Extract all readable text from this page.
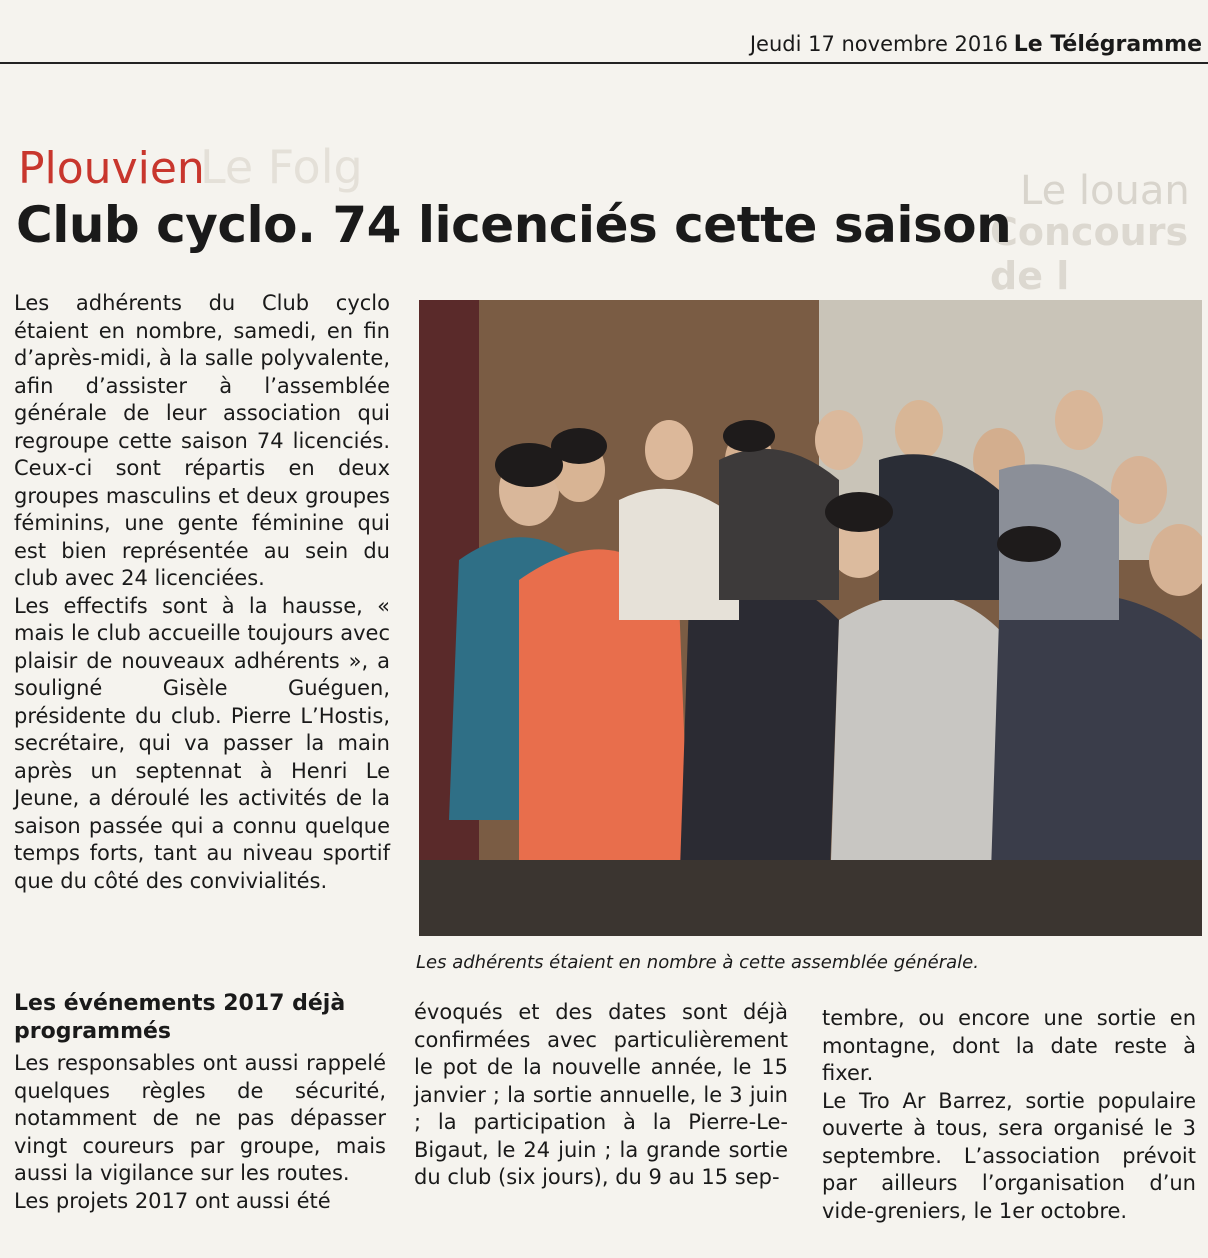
Le Folg	Le louan
Concours de l
Jeudi 17 novembre 2016 Le Télégramme
Plouvien
Club cyclo. 74 licenciés cette saison

Les adhérents du Club cyclo étaient en nombre, samedi, en fin d’après-midi, à la salle polyvalente, afin d’assister à l’assemblée générale de leur association qui regroupe cette saison 74 licenciés. Ceux-ci sont répartis en deux groupes masculins et deux groupes féminins, une gente féminine qui est bien représentée au sein du club avec 24 licenciées.

Les effectifs sont à la hausse, « mais le club accueille toujours avec plaisir de nouveaux adhérents », a souligné Gisèle Guéguen, présidente du club. Pierre L’Hostis, secrétaire, qui va passer la main après un septennat à Henri Le Jeune, a déroulé les activités de la saison passée qui a connu quelque temps forts, tant au niveau sportif que du côté des convivialités.

Les événements 2017 déjà programmés

Les responsables ont aussi rappelé quelques règles de sécurité, notamment de ne pas dépasser vingt coureurs par groupe, mais aussi la vigilance sur les routes.

Les projets 2017 ont aussi été

évoqués et des dates sont déjà confirmées avec particulièrement le pot de la nouvelle année, le 15 janvier ; la sortie annuelle, le 3 juin ; la participation à la Pierre-Le-Bigaut, le 24 juin ; la grande sortie du club (six jours), du 9 au 15 sep-

tembre, ou encore une sortie en montagne, dont la date reste à fixer.

Le Tro Ar Barrez, sortie populaire ouverte à tous, sera organisé le 3 septembre. L’association prévoit par ailleurs l’organisation d’un vide-greniers, le 1er octobre.

Les adhérents étaient en nombre à cette assemblée générale.
